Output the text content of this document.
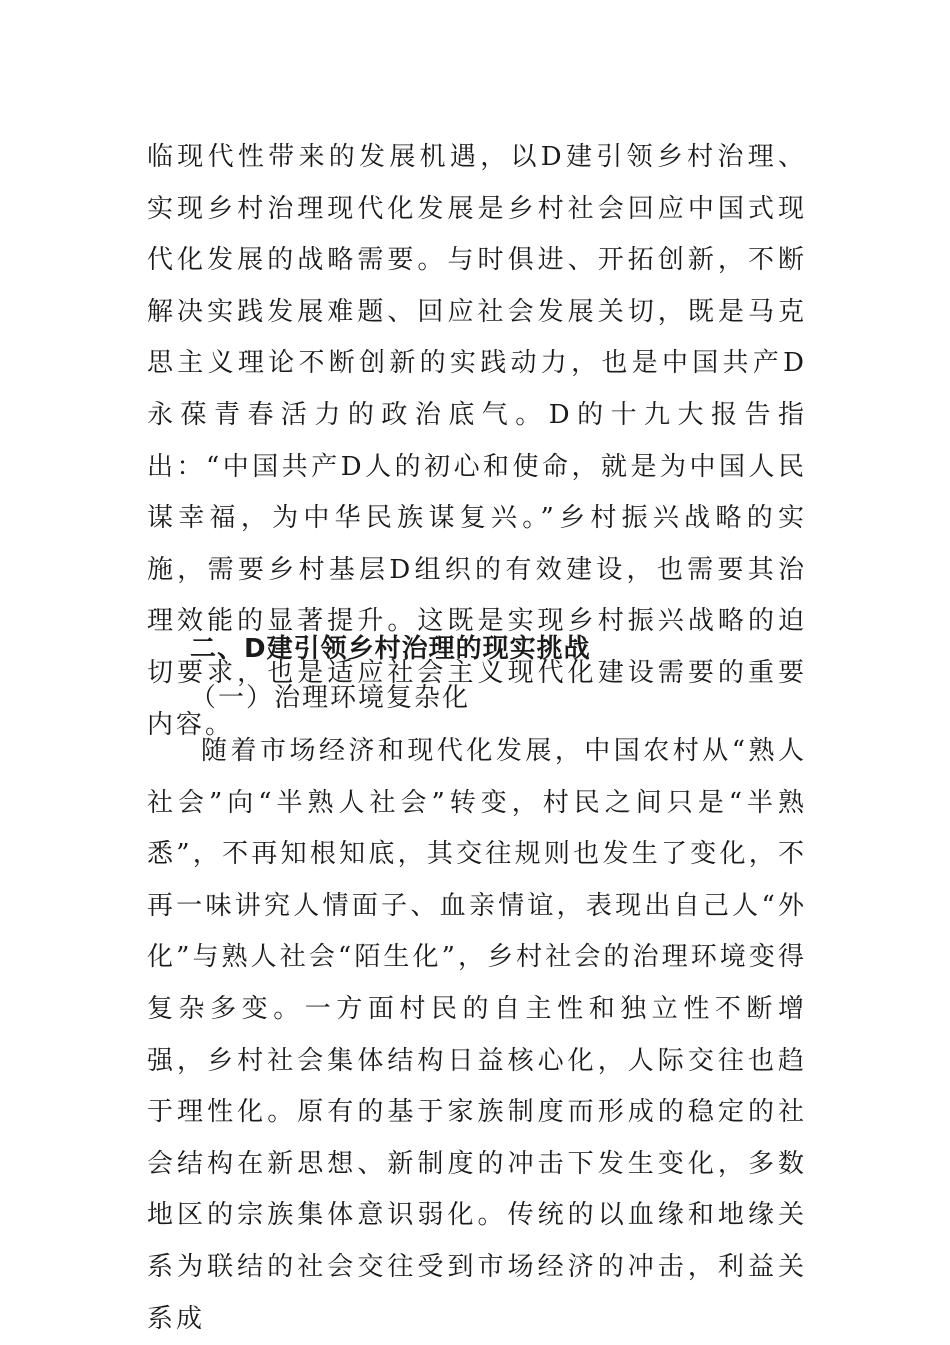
临现代性带来的发展机遇，以D建引领乡村治理、实现乡村治理现代化发展是乡村社会回应中国式现代化发展的战略需要。与时俱进、开拓创新，不断解决实践发展难题、回应社会发展关切，既是马克思主义理论不断创新的实践动力，也是中国共产D永葆青春活力的政治底气。D的十九大报告指出：“中国共产D人的初心和使命，就是为中国人民谋幸福，为中华民族谋复兴。”乡村振兴战略的实施，需要乡村基层D组织的有效建设，也需要其治理效能的显著提升。这既是实现乡村振兴战略的迫切要求，也是适应社会主义现代化建设需要的重要内容。

二、D建引领乡村治理的现实挑战

（一）治理环境复杂化

随着市场经济和现代化发展，中国农村从“熟人社会”向“半熟人社会”转变，村民之间只是“半熟悉”，不再知根知底，其交往规则也发生了变化，不再一味讲究人情面子、血亲情谊，表现出自己人“外化”与熟人社会“陌生化”，乡村社会的治理环境变得复杂多变。一方面村民的自主性和独立性不断增强，乡村社会集体结构日益核心化，人际交往也趋于理性化。原有的基于家族制度而形成的稳定的社会结构在新思想、新制度的冲击下发生变化，多数地区的宗族集体意识弱化。传统的以血缘和地缘关系为联结的社会交往受到市场经济的冲击，利益关系成
